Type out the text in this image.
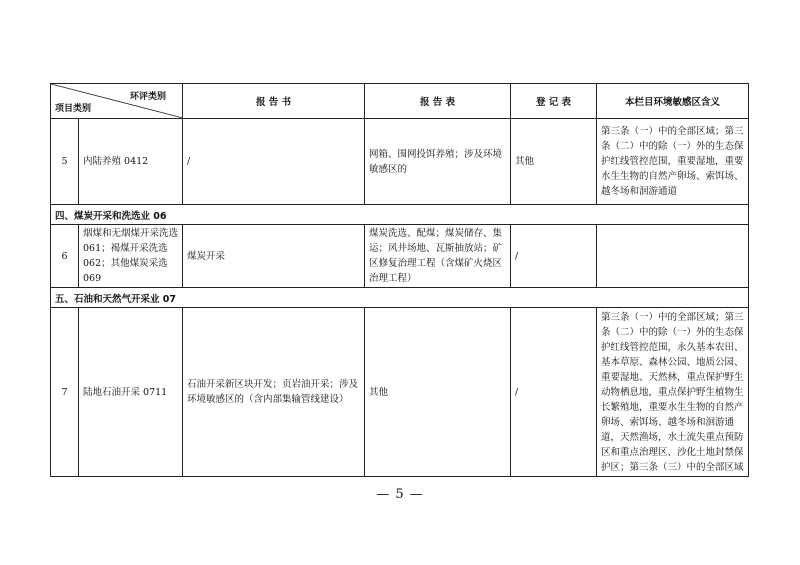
环评类别
项目类别		报 告 书	报 告 表	登 记 表	本栏目环境敏感区含义
5	内陆养殖 0412	/	网箱、围网投饵养殖；涉及环境敏感区的	其他	第三条（一）中的全部区域；第三条（二）中的除（一）外的生态保护红线管控范围，重要湿地，重要水生生物的自然产卵场、索饵场、越冬场和洄游通道
四、煤炭开采和洗选业 06					
6	烟煤和无烟煤开采洗选 061；褐煤开采洗选 062；其他煤炭采选 069	煤炭开采	煤炭洗选、配煤；煤炭储存、集运；风井场地、瓦斯抽放站；矿区修复治理工程（含煤矿火烧区治理工程）	/	
五、石油和天然气开采业 07					
7	陆地石油开采 0711	石油开采新区块开发；页岩油开采；涉及环境敏感区的（含内部集输管线建设）	其他	/	第三条（一）中的全部区域；第三条（二）中的除（一）外的生态保护红线管控范围，永久基本农田、基本草原、森林公园、地质公园、重要湿地、天然林，重点保护野生动物栖息地，重点保护野生植物生长繁殖地，重要水生生物的自然产卵场、索饵场、越冬场和洄游通道，天然渔场，水土流失重点预防区和重点治理区、沙化土地封禁保护区；第三条（三）中的全部区域
— 5 —
